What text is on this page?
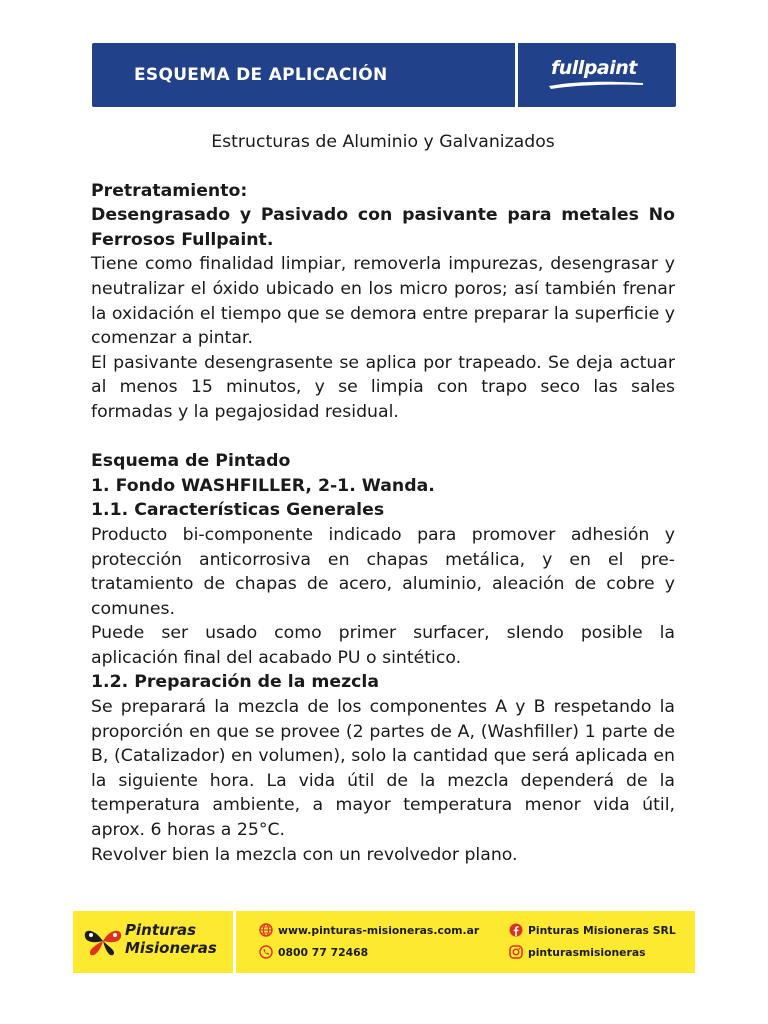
ESQUEMA DE APLICACIÓN	fullpaint
Estructuras de Aluminio y Galvanizados

Pretratamiento:

Desengrasado y Pasivado con pasivante para metales No Ferrosos Fullpaint.

Tiene como finalidad limpiar, removerla impurezas, desengrasar y neutralizar el óxido ubicado en los micro poros; así también frenar la oxidación el tiempo que se demora entre preparar la superficie y comenzar a pintar.

El pasivante desengrasente se aplica por trapeado. Se deja actuar al menos 15 minutos, y se limpia con trapo seco las sales formadas y la pegajosidad residual.

Esquema de Pintado

1. Fondo WASHFILLER, 2-1. Wanda.

1.1. Características Generales

Producto bi-componente indicado para promover adhesión y protección anticorrosiva en chapas metálica, y en el pre-tratamiento de chapas de acero, aluminio, aleación de cobre y comunes.

Puede ser usado como primer surfacer, sIendo posible la aplicación final del acabado PU o sintético.

1.2. Preparación de la mezcla

Se preparará la mezcla de los componentes A y B respetando la proporción en que se provee (2 partes de A, (Washfiller) 1 parte de B, (Catalizador) en volumen), solo la cantidad que será aplicada en la siguiente hora. La vida útil de la mezcla dependerá de la temperatura ambiente, a mayor temperatura menor vida útil, aprox. 6 horas a 25°C.

Revolver bien la mezcla con un revolvedor plano.

Pinturas
Misioneras
www.pinturas-misioneras.com.ar
0800 77 72468
Pinturas Misioneras SRL
pinturasmisioneras
